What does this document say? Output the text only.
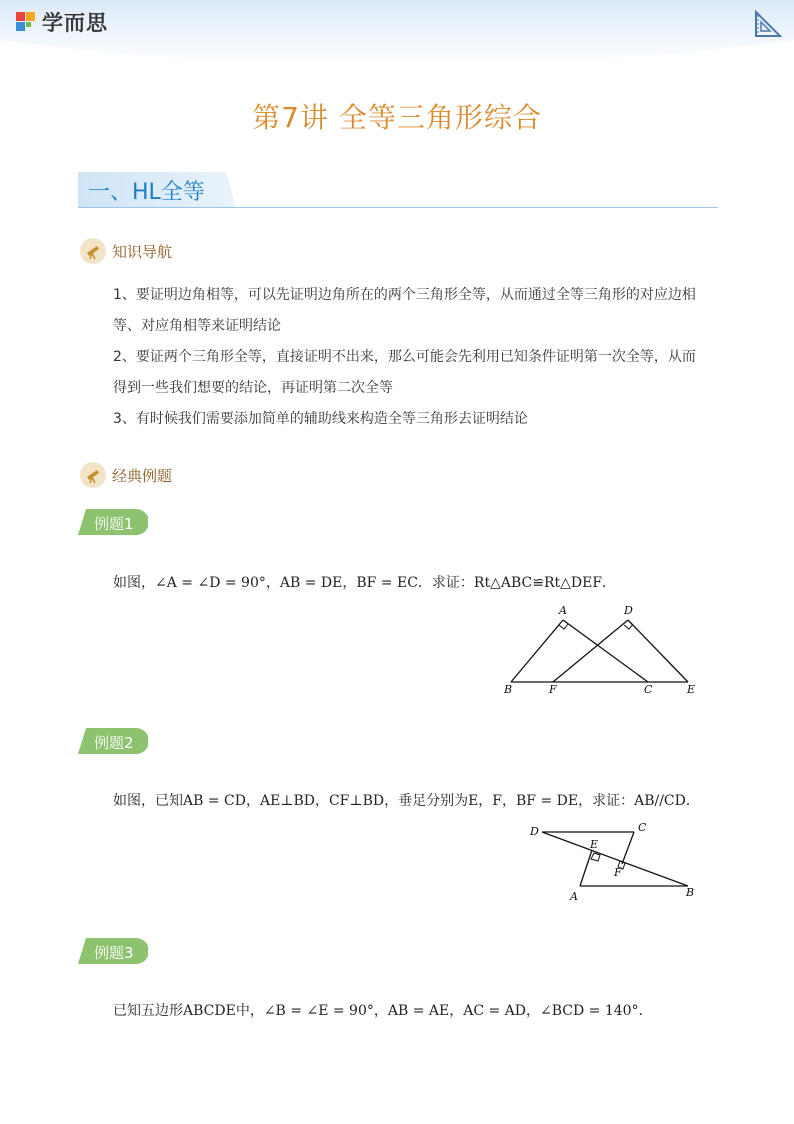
学而思
第7讲 全等三角形综合
一、HL全等
知识导航
1、要证明边角相等，可以先证明边角所在的两个三角形全等，从而通过全等三角形的对应边相
等、对应角相等来证明结论
2、要证两个三角形全等，直接证明不出来，那么可能会先利用已知条件证明第一次全等，从而
得到一些我们想要的结论，再证明第二次全等
3、有时候我们需要添加简单的辅助线来构造全等三角形去证明结论
经典例题
例题1
如图，∠A = ∠D = 90°，AB = DE，BF = EC．求证：Rt△ABC≌Rt△DEF．
A	D
B	F	C	E
例题2
如图，已知AB = CD，AE⊥BD，CF⊥BD，垂足分别为E，F，BF = DE，求证：AB//CD．
D	C
E
F
A	B
例题3
已知五边形ABCDE中，∠B = ∠E = 90°，AB = AE，AC = AD，∠BCD = 140°．
